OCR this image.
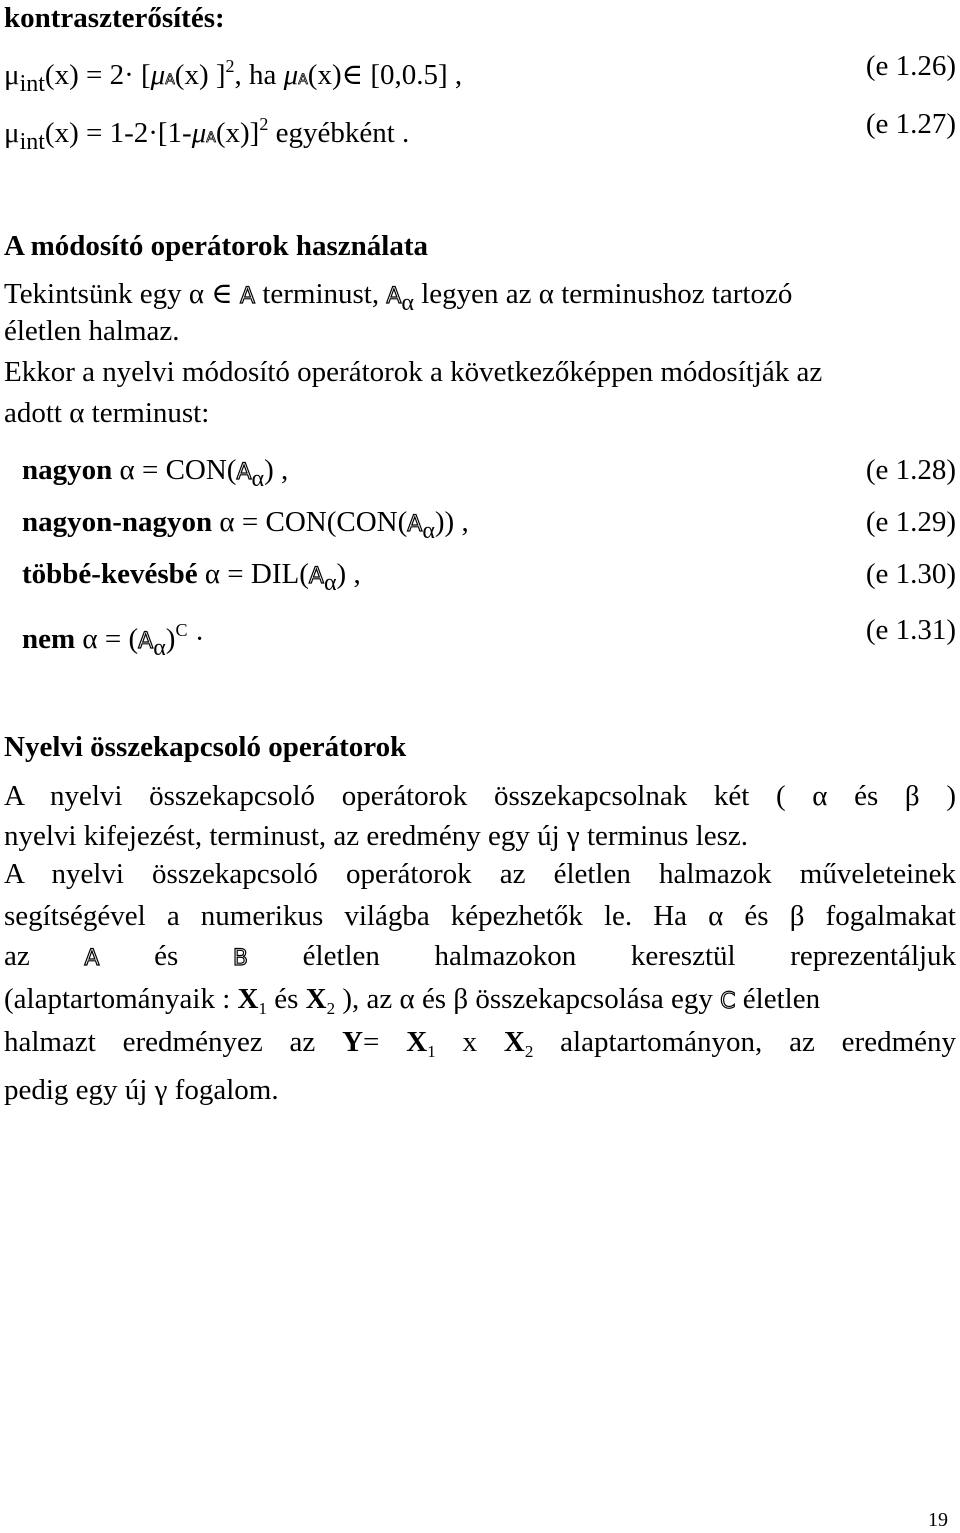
kontraszterősítés:
$\mu_{int}(x) = 2\cdot [\mu A(x)$ ]$^2$, ha μA(x)∈ [0,0.5] ,	(e 1.26)
$\mu_{int}(x) = 1-2\cdot[1-\mu A(x)]^2$ egyébként .	(e 1.27)
A módosító operátorok használata
Tekintsünk egy α ∈ A terminust, $A_\alpha$ legyen az α terminushoz tartozó
életlen halmaz.
Ekkor a nyelvi módosító operátorok a következőképpen módosítják az
adott α terminust:
nagyon $\alpha = CON(A_\alpha)$ ,	(e 1.28)
nagyon-nagyon $\alpha = CON(CON(A_\alpha))$ ,	(e 1.29)
többé-kevésbé $\alpha = DIL(A_\alpha)$ ,	(e 1.30)
nem $\alpha = (A_\alpha)^C$ ·	(e 1.31)
Nyelvi összekapcsoló operátorok
A nyelvi összekapcsoló operátorok összekapcsolnak két ( α és β )
nyelvi kifejezést, terminust, az eredmény egy új γ terminus lesz.
A nyelvi összekapcsoló operátorok az életlen halmazok műveleteinek
segítségével a numerikus világba képezhetők le. Ha α és β fogalmakat
az A és B életlen halmazokon keresztül reprezentáljuk
(alaptartományaik : $X_1$ és $X_2$ ), az α és β összekapcsolása egy C életlen
halmazt eredményez az $Y= X_1$ x $X_2$ alaptartományon, az eredmény
pedig egy új γ fogalom.
19
